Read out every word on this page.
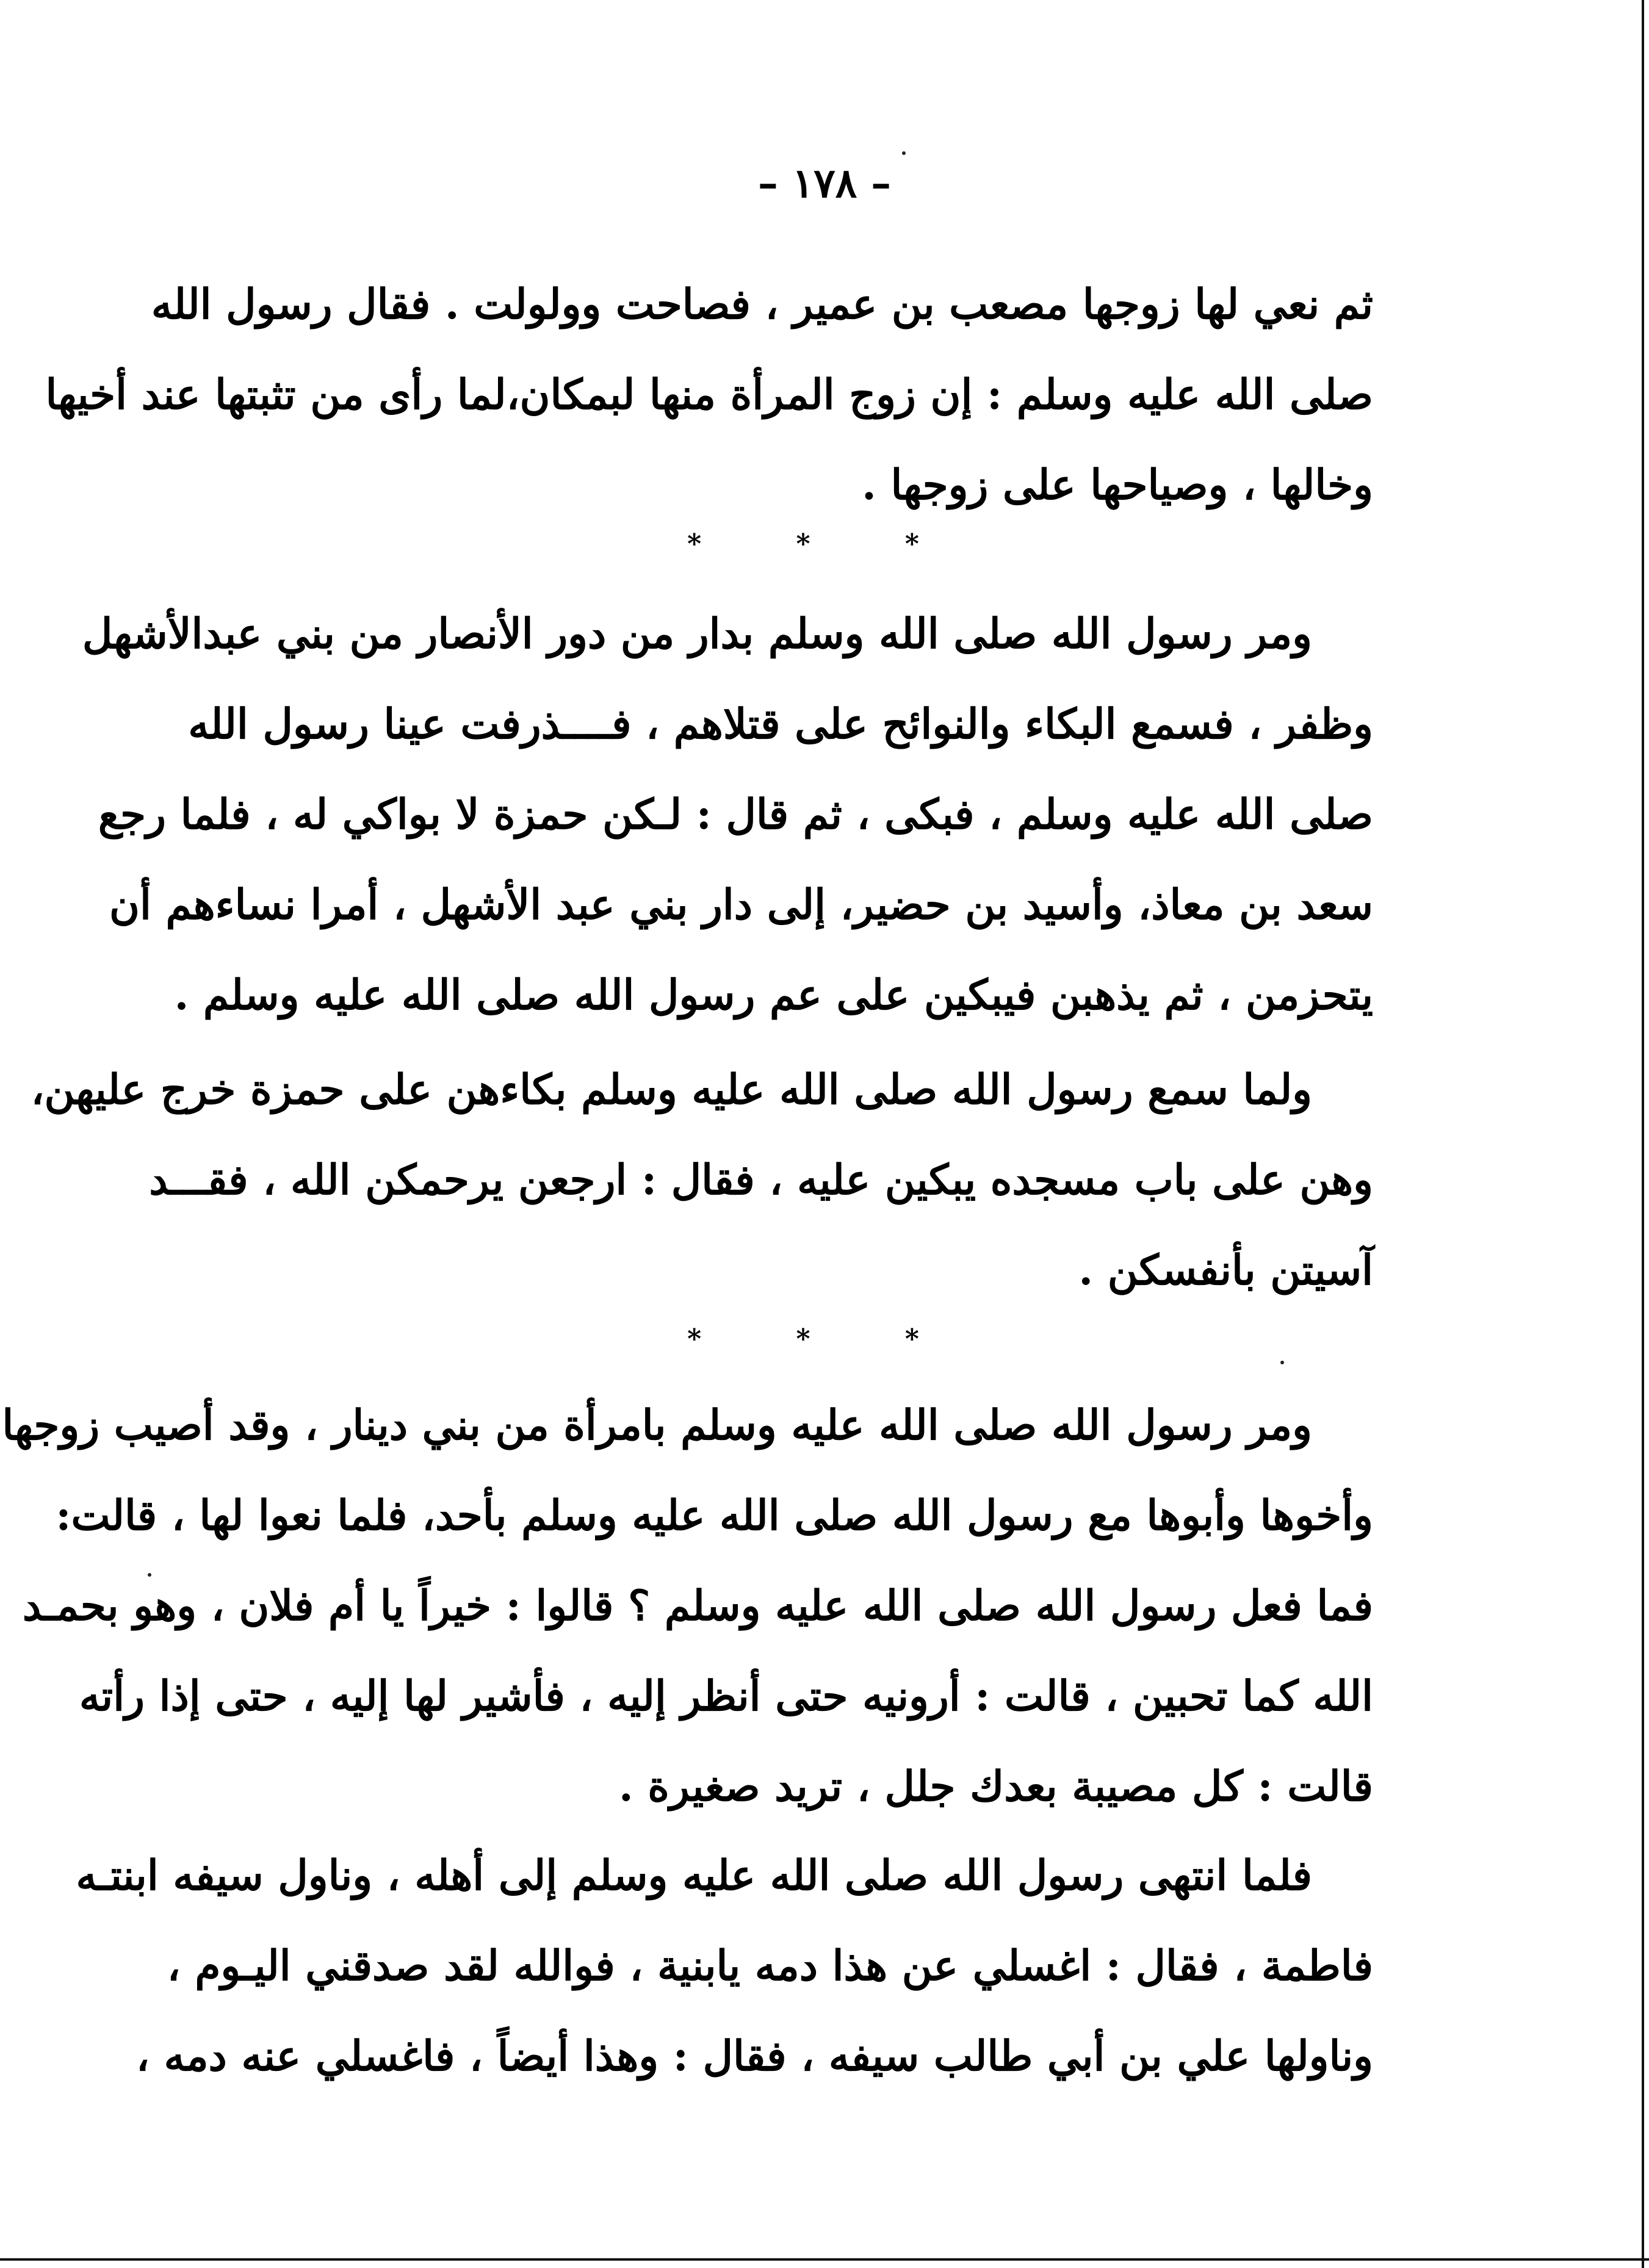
– ١٧٨ –
ثم نعي لها زوجها مصعب بن عمير ، فصاحت وولولت . فقال رسول الله
صلى الله عليه وسلم : إن زوج المرأة منها لبمكان،لما رأى من تثبتها عند أخيها
وخالها ، وصياحها على زوجها .
* * *
ومر رسول الله صلى الله وسلم بدار من دور الأنصار من بني عبدالأشهل
وظفر ، فسمع البكاء والنوائح على قتلاهم ، فــــذرفت عينا رسول الله
صلى الله عليه وسلم ، فبكى ، ثم قال : لـكن حمزة لا بواكي له ، فلما رجع
سعد بن معاذ، وأسيد بن حضير، إلى دار بني عبد الأشهل ، أمرا نساءهم أن
يتحزمن ، ثم يذهبن فيبكين على عم رسول الله صلى الله عليه وسلم .
ولما سمع رسول الله صلى الله عليه وسلم بكاءهن على حمزة خرج عليهن،
وهن على باب مسجده يبكين عليه ، فقال : ارجعن يرحمكن الله ، فقـــد
آسيتن بأنفسكن .
* * *
ومر رسول الله صلى الله عليه وسلم بامرأة من بني دينار ، وقد أصيب زوجها
وأخوها وأبوها مع رسول الله صلى الله عليه وسلم بأحد، فلما نعوا لها ، قالت:
فما فعل رسول الله صلى الله عليه وسلم ؟ قالوا : خيراً يا أم فلان ، وهو بحمـد
الله كما تحبين ، قالت : أرونيه حتى أنظر إليه ، فأشير لها إليه ، حتى إذا رأته
قالت : كل مصيبة بعدك جلل ، تريد صغيرة .
فلما انتهى رسول الله صلى الله عليه وسلم إلى أهله ، وناول سيفه ابنتـه
فاطمة ، فقال : اغسلي عن هذا دمه يابنية ، فوالله لقد صدقني اليـوم ،
وناولها علي بن أبي طالب سيفه ، فقال : وهذا أيضاً ، فاغسلي عنه دمه ،
